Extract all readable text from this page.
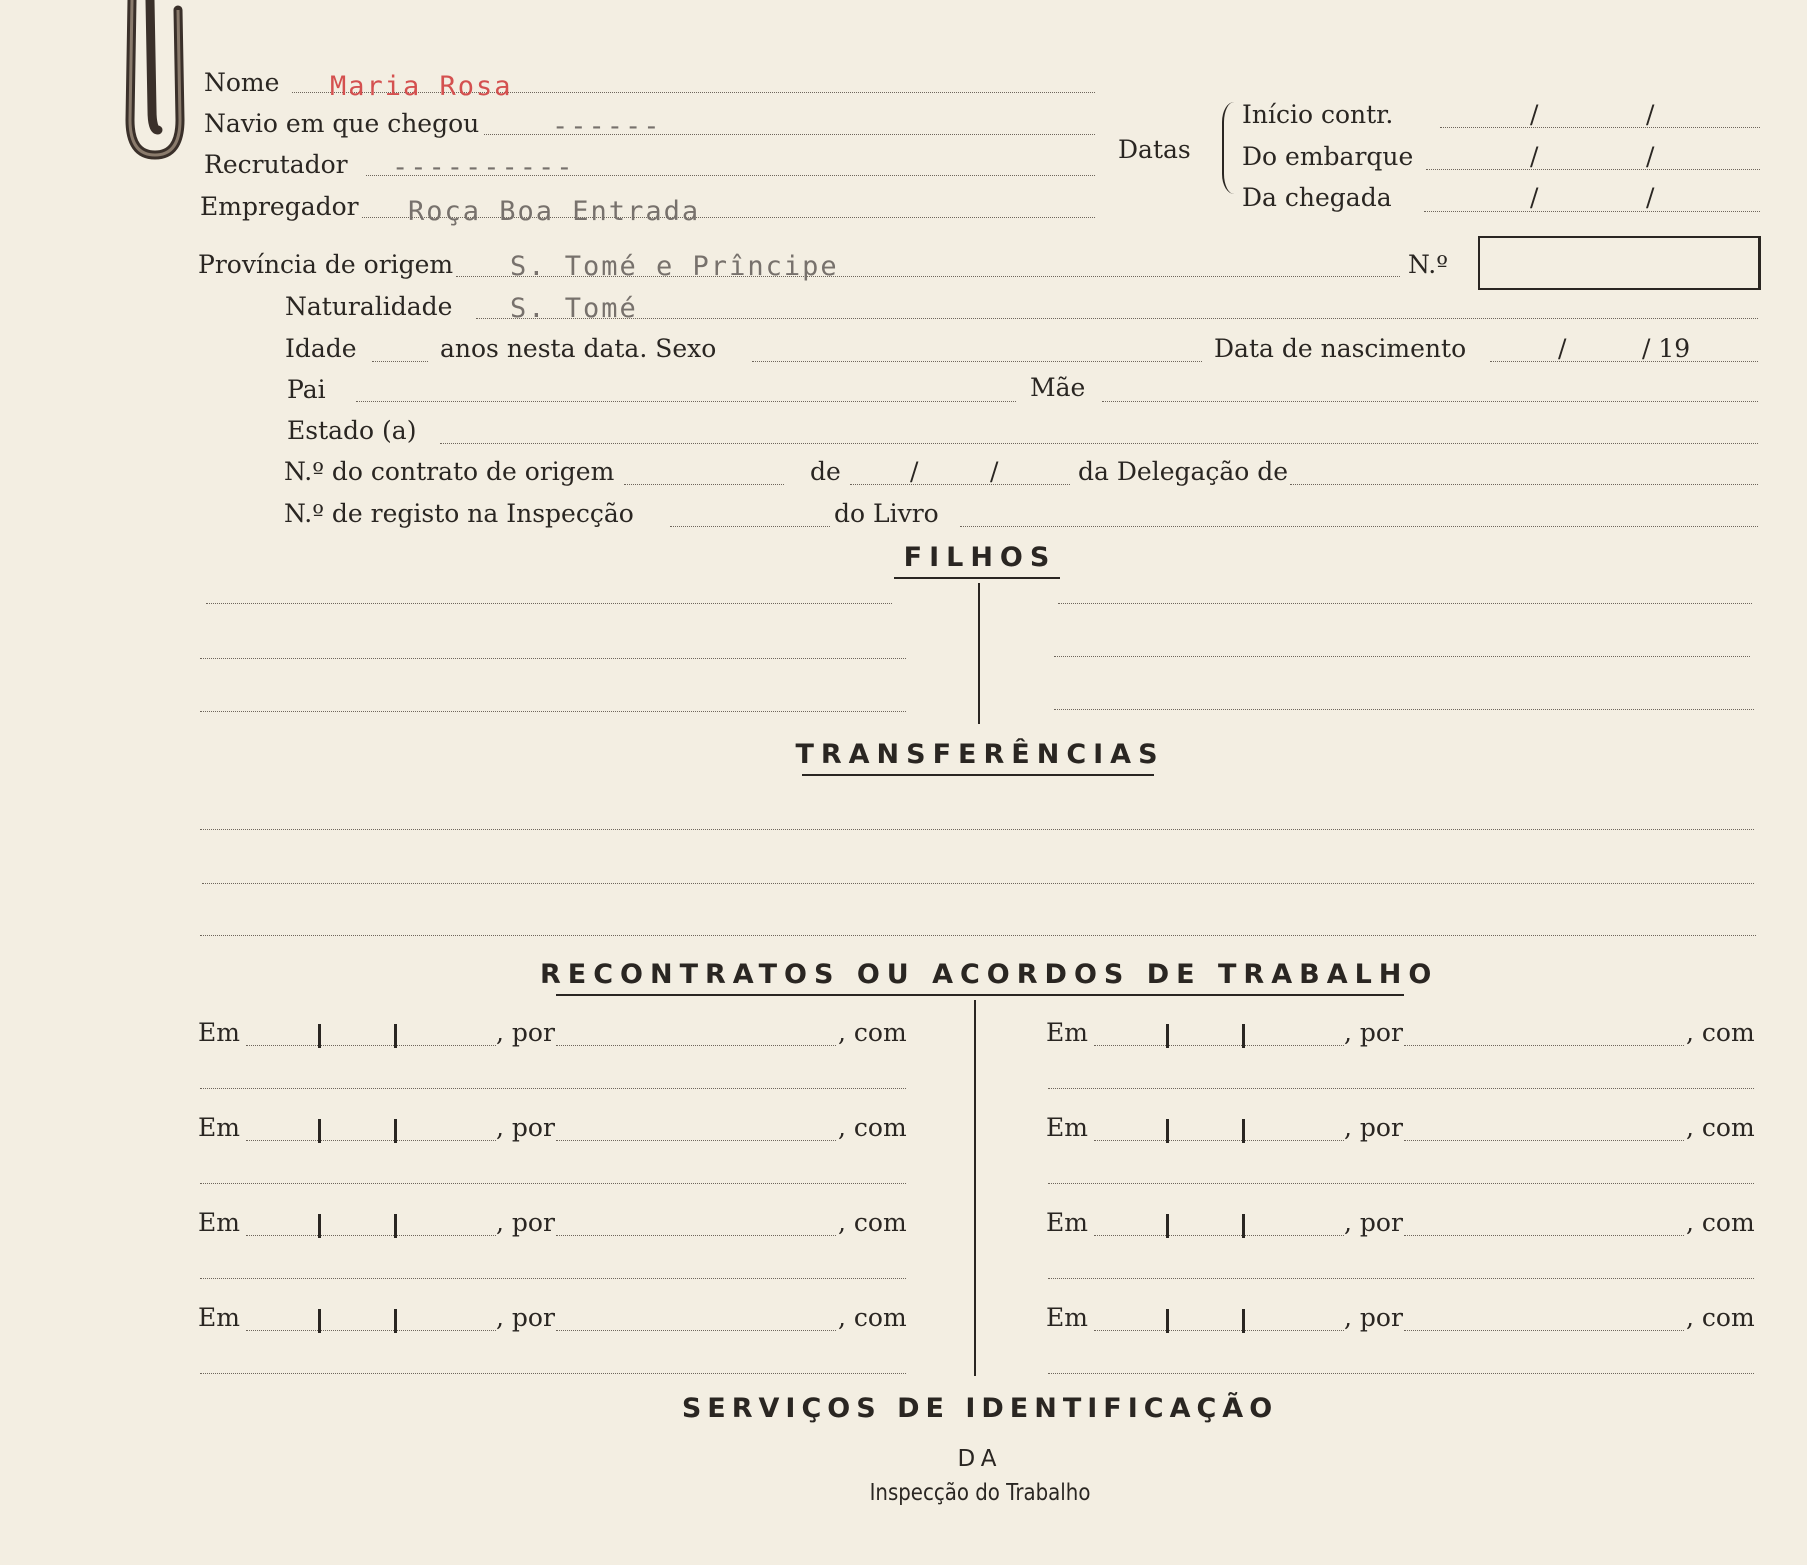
Nome Maria Rosa
Navio em que chegou	------
Recrutador ----------
Empregador Roça Boa Entrada
Datas
Início contr.	/	/
Do embarque	/	/
Da chegada	/	/
Província de origem S. Tomé e Prîncipe	N.º
Naturalidade S. Tomé
Idade	anos nesta data. Sexo	Data de nascimento	/	/ 19
Pai	Mãe
Estado (a)
N.º do contrato de origem	de	/	/	da Delegação de
N.º de registo na Inspecção	do Livro
FILHOS
TRANSFERÊNCIAS
RECONTRATOS OU ACORDOS DE TRABALHO
Em	, por	, com	Em	, por	, com
Em	, por	, com	Em	, por	, com
Em	, por	, com	Em	, por	, com
Em	, por	, com	Em	, por	, com
SERVIÇOS DE IDENTIFICAÇÃO
DA
Inspecção do Trabalho
